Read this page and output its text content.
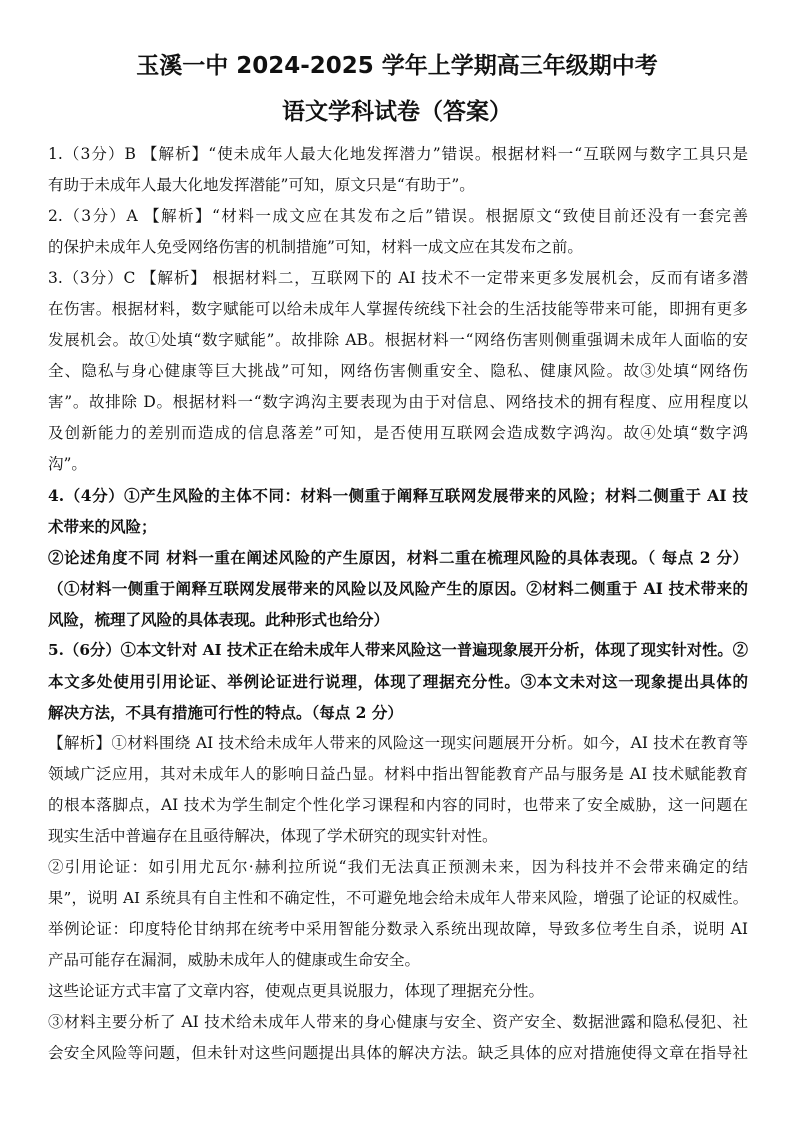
玉溪一中 2024-2025 学年上学期高三年级期中考
语文学科试卷（答案）
1.（3分）B 【解析】“使未成年人最大化地发挥潜力”错误。根据材料一“互联网与数字工具只是
有助于未成年人最大化地发挥潜能”可知，原文只是“有助于”。
2.（3分）A 【解析】“材料一成文应在其发布之后”错误。根据原文“致使目前还没有一套完善
的保护未成年人免受网络伤害的机制措施”可知，材料一成文应在其发布之前。
3.（3分）C 【解析】 根据材料二，互联网下的 AI 技术不一定带来更多发展机会，反而有诸多潜
在伤害。根据材料，数字赋能可以给未成年人掌握传统线下社会的生活技能等带来可能，即拥有更多
发展机会。故①处填“数字赋能”。故排除 AB。根据材料一“网络伤害则侧重强调未成年人面临的安
全、隐私与身心健康等巨大挑战”可知，网络伤害侧重安全、隐私、健康风险。故③处填“网络伤
害”。故排除 D。根据材料一“数字鸿沟主要表现为由于对信息、网络技术的拥有程度、应用程度以
及创新能力的差别而造成的信息落差”可知，是否使用互联网会造成数字鸿沟。故④处填“数字鸿
沟”。
4.（4分）①产生风险的主体不同：材料一侧重于阐释互联网发展带来的风险；材料二侧重于 AI 技
术带来的风险；
②论述角度不同 材料一重在阐述风险的产生原因，材料二重在梳理风险的具体表现。（ 每点 2 分）
（①材料一侧重于阐释互联网发展带来的风险以及风险产生的原因。②材料二侧重于 AI 技术带来的
风险，梳理了风险的具体表现。此种形式也给分）
5.（6分）①本文针对 AI 技术正在给未成年人带来风险这一普遍现象展开分析，体现了现实针对性。②
本文多处使用引用论证、举例论证进行说理，体现了理据充分性。③本文未对这一现象提出具体的
解决方法，不具有措施可行性的特点。（每点 2 分）
【解析】①材料围绕 AI 技术给未成年人带来的风险这一现实问题展开分析。如今，AI 技术在教育等
领域广泛应用，其对未成年人的影响日益凸显。材料中指出智能教育产品与服务是 AI 技术赋能教育
的根本落脚点，AI 技术为学生制定个性化学习课程和内容的同时，也带来了安全威胁，这一问题在
现实生活中普遍存在且亟待解决，体现了学术研究的现实针对性。
②引用论证：如引用尤瓦尔·赫利拉所说“我们无法真正预测未来，因为科技并不会带来确定的结
果”，说明 AI 系统具有自主性和不确定性，不可避免地会给未成年人带来风险，增强了论证的权威性。
举例论证：印度特伦甘纳邦在统考中采用智能分数录入系统出现故障，导致多位考生自杀，说明 AI
产品可能存在漏洞，威胁未成年人的健康或生命安全。
这些论证方式丰富了文章内容，使观点更具说服力，体现了理据充分性。
③材料主要分析了 AI 技术给未成年人带来的身心健康与安全、资产安全、数据泄露和隐私侵犯、社
会安全风险等问题，但未针对这些问题提出具体的解决方法。缺乏具体的应对措施使得文章在指导社
